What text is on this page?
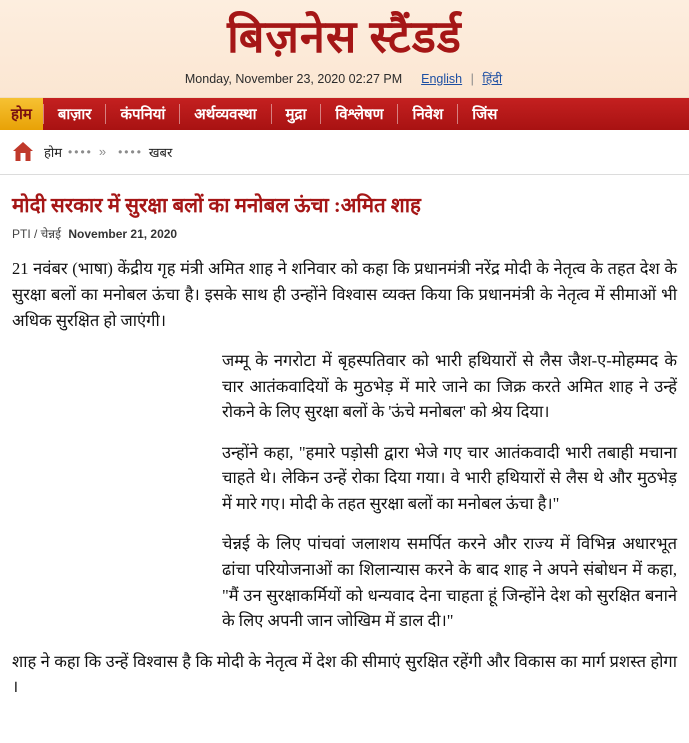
बिज़नेस स्टैंडर्ड
Monday, November 23, 2020 02:27 PM English | हिंदी
होम	बाज़ार	कंपनियां	अर्थव्यवस्था	मुद्रा	विश्लेषण	निवेश	जिंस
होम •••• » •••• खबर
मोदी सरकार में सुरक्षा बलों का मनोबल ऊंचा :अमित शाह
PTI / चेन्नई November 21, 2020

21 नवंबर (भाषा) केंद्रीय गृह मंत्री अमित शाह ने शनिवार को कहा कि प्रधानमंत्री नरेंद्र मोदी के नेतृत्व के तहत देश के सुरक्षा बलों का मनोबल ऊंचा है। इसके साथ ही उन्होंने विश्वास व्यक्त किया कि प्रधानमंत्री के नेतृत्व में सीमाओं भी अधिक सुरक्षित हो जाएंगी।

जम्मू के नगरोटा में बृहस्पतिवार को भारी हथियारों से लैस जैश-ए-मोहम्मद के चार आतंकवादियों के मुठभेड़ में मारे जाने का जिक्र करते अमित शाह ने उन्हें रोकने के लिए सुरक्षा बलों के 'ऊंचे मनोबल' को श्रेय दिया।

उन्होंने कहा, "हमारे पड़ोसी द्वारा भेजे गए चार आतंकवादी भारी तबाही मचाना चाहते थे। लेकिन उन्हें रोका दिया गया। वे भारी हथियारों से लैस थे और मुठभेड़ में मारे गए। मोदी के तहत सुरक्षा बलों का मनोबल ऊंचा है।"

चेन्नई के लिए पांचवां जलाशय समर्पित करने और राज्य में विभिन्न अधारभूत ढांचा परियोजनाओं का शिलान्यास करने के बाद शाह ने अपने संबोधन में कहा, "मैं उन सुरक्षाकर्मियों को धन्यवाद देना चाहता हूं जिन्होंने देश को सुरक्षित बनाने के लिए अपनी जान जोखिम में डाल दी।"

शाह ने कहा कि उन्हें विश्वास है कि मोदी के नेतृत्व में देश की सीमाएं सुरक्षित रहेंगी और विकास का मार्ग प्रशस्त होगा ।
